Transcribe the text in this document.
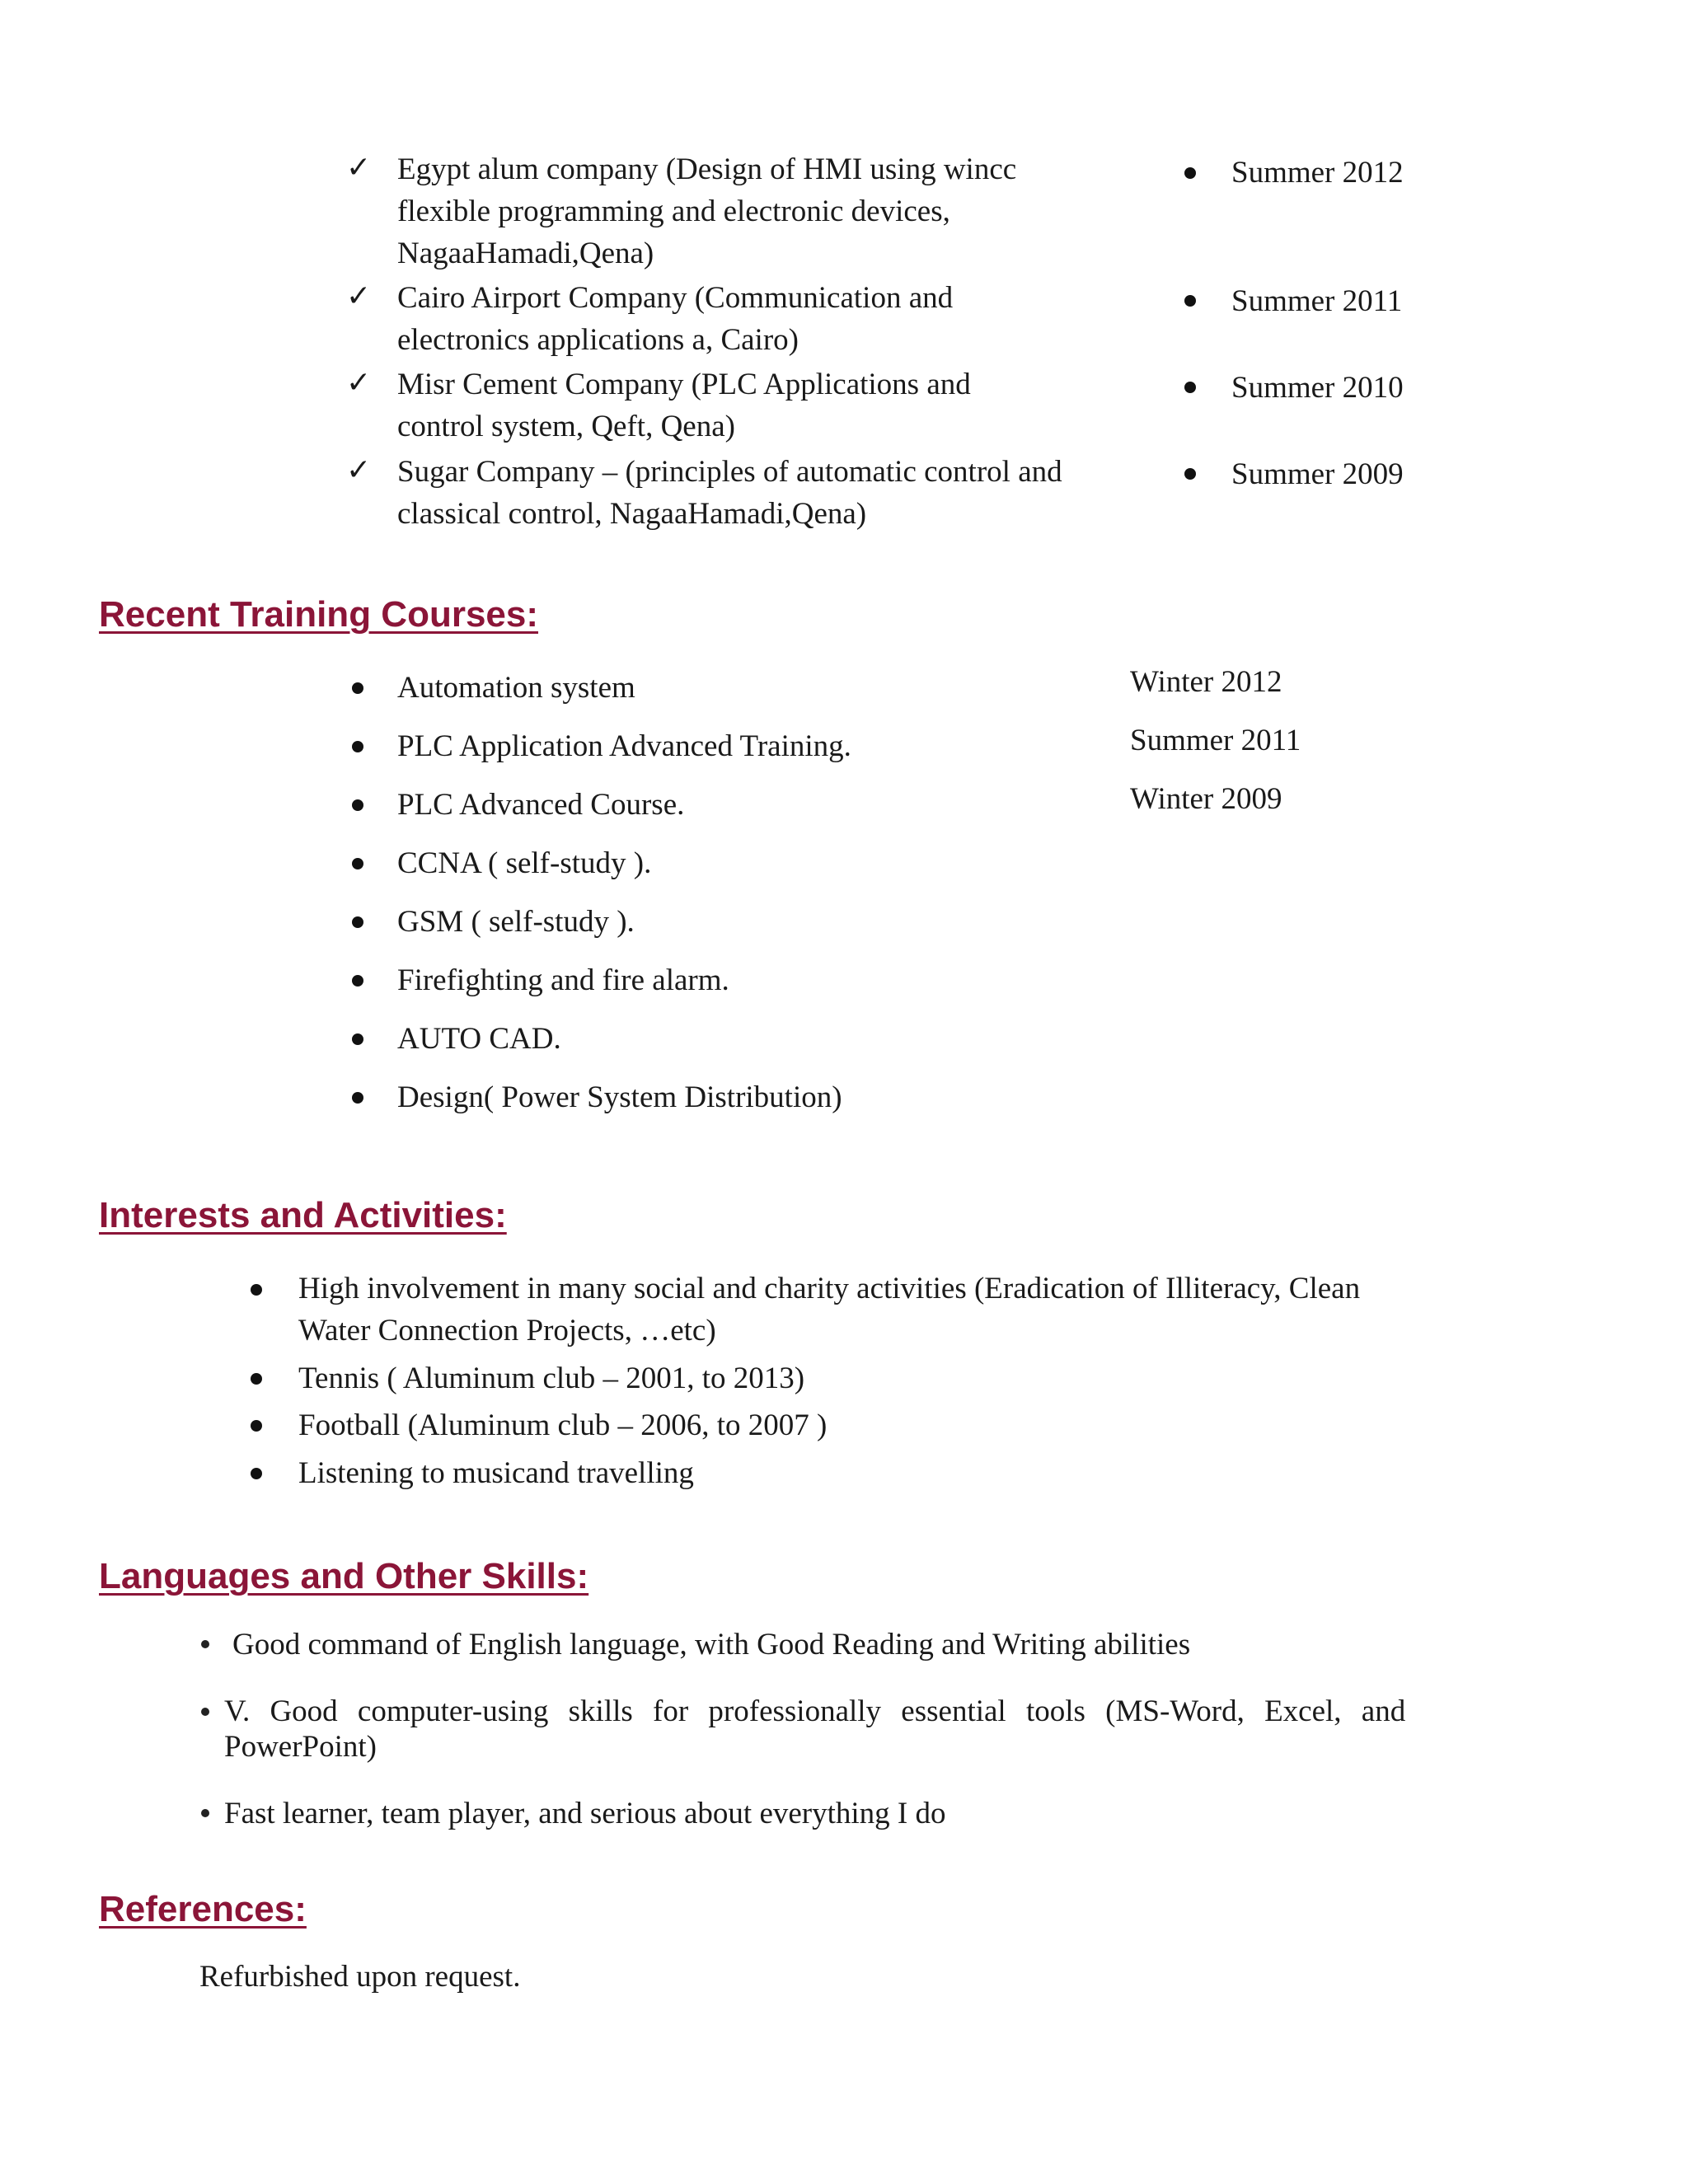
✓ Egypt alum company (Design of HMI using wincc
flexible programming and electronic devices,
NagaaHamadi,Qena)
Summer 2012
✓ Cairo Airport Company (Communication and
electronics applications a, Cairo)
Summer 2011
✓ Misr Cement Company (PLC Applications and
control system, Qeft, Qena)
Summer 2010
✓ Sugar Company – (principles of automatic control and
classical control, NagaaHamadi,Qena)
Summer 2009
Recent Training Courses:
Automation system
PLC Application Advanced Training.
PLC Advanced Course.
CCNA ( self-study ).
GSM ( self-study ).
Firefighting and fire alarm.
AUTO CAD.
Design( Power System Distribution)
Winter 2012
Summer 2011
Winter 2009
Interests and Activities:
High involvement in many social and charity activities (Eradication of Illiteracy, Clean
Water Connection Projects, …etc)
Tennis ( Aluminum club – 2001, to 2013)
Football (Aluminum club – 2006, to 2007 )
Listening to musicand travelling
Languages and Other Skills:
Good command of English language, with Good Reading and Writing abilities
V. Good computer-using skills for professionally essential tools (MS-Word, Excel, and
PowerPoint)
Fast learner, team player, and serious about everything I do
References:
Refurbished upon request.
